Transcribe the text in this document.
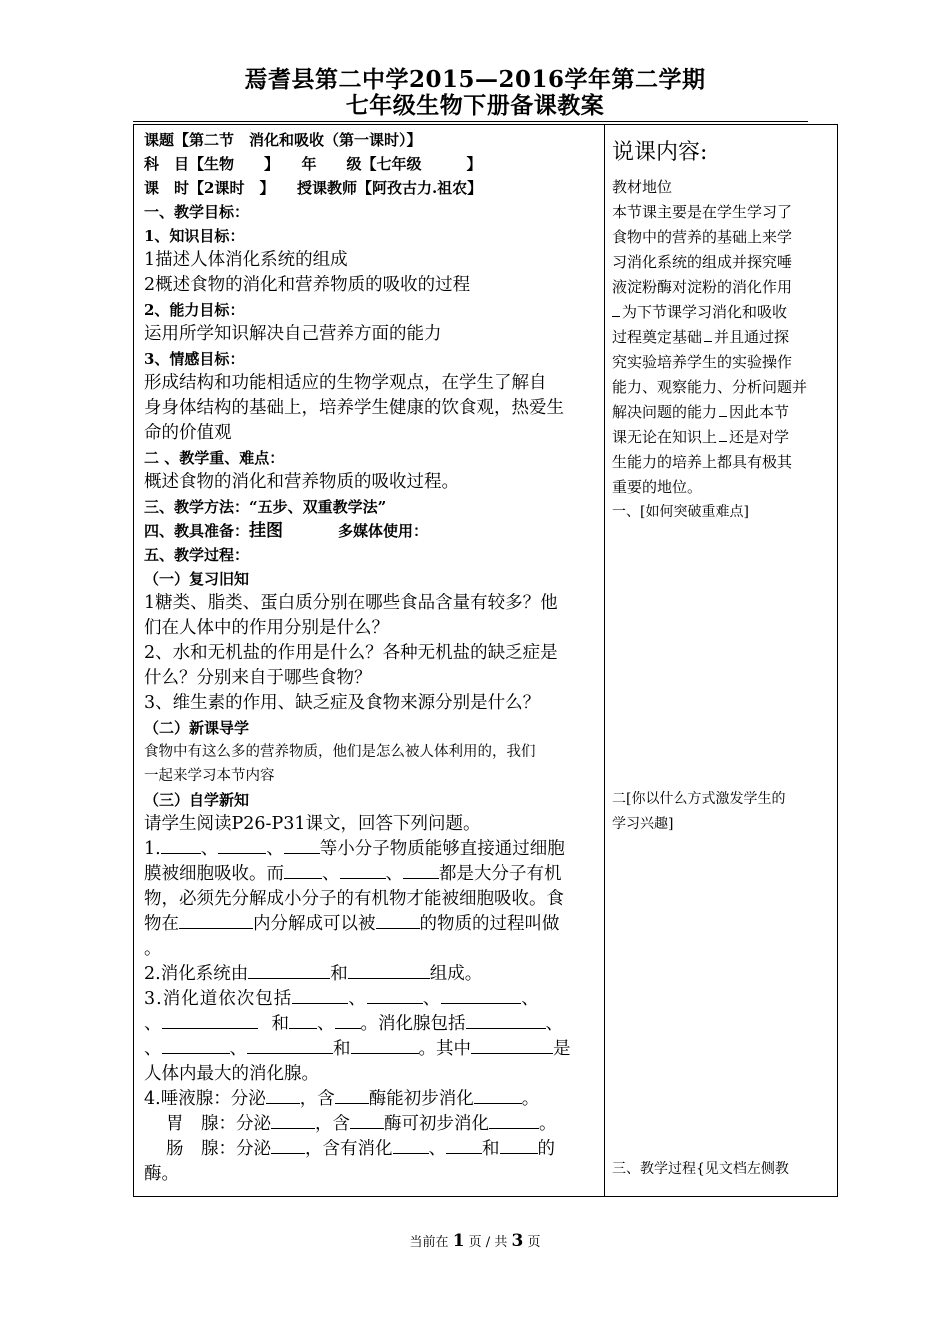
焉耆县第二中学2015—2016学年第二学期
七年级生物下册备课教案
课题【第二节　消化和吸收（第一课时）】
科　目【生物　　】　　年　　级【七年级　　　】
课　时【2课时　】　　授课教师【阿孜古力.祖农】
一、教学目标：
1、知识目标：
1描述人体消化系统的组成
2概述食物的消化和营养物质的吸收的过程
2、能力目标：
运用所学知识解决自己营养方面的能力
3、情感目标：
形成结构和功能相适应的生物学观点，在学生了解自
身身体结构的基础上，培养学生健康的饮食观，热爱生
命的价值观
二 、教学重、难点：
概述食物的消化和营养物质的吸收过程。
三、教学方法：“五步、双重教学法”
四、教具准备：挂图	多媒体使用：
五、教学过程：
（一）复习旧知
1糖类、脂类、蛋白质分别在哪些食品含量有较多？他
们在人体中的作用分别是什么？
2、水和无机盐的作用是什么？各种无机盐的缺乏症是
什么？分别来自于哪些食物？
3、维生素的作用、缺乏症及食物来源分别是什么？
（二）新课导学
食物中有这么多的营养物质，他们是怎么被人体利用的，我们
一起来学习本节内容
（三）自学新知
请学生阅读P26-P31课文，回答下列问题。
1. 、	、 等小分子物质能够直接通过细胞
膜被细胞吸收。而 、	、 都是大分子有机
物，必须先分解成小分子的有机物才能被细胞吸收。食
物在	内分解成可以被	的物质的过程叫做
。
2.消化系统由	和	组成。
3.消化道依次包括	、	、	、
、	和 、 。消化腺包括	、
、	、	和	。其中	是
人体内最大的消化腺。
4.唾液腺：分泌 ，含 酶能初步消化	。
胃　腺：分泌	，含 酶可初步消化	。
肠　腺：分泌 ，含有消化 、 和 的
酶。
说课内容:
教材地位
本节课主要是在学生学习了
食物中的营养的基础上来学
习消化系统的组成并探究唾
液淀粉酶对淀粉的消化作用
为下节课学习消化和吸收
过程奠定基础 并且通过探
究实验培养学生的实验操作
能力、观察能力、分析问题并
解决问题的能力 因此本节
课无论在知识上 还是对学
生能力的培养上都具有极其
重要的地位。
一、[如何突破重难点]
二[你以什么方式激发学生的
学习兴趣]
三、教学过程{见文档左侧教
当前在 1 页 / 共 3 页
